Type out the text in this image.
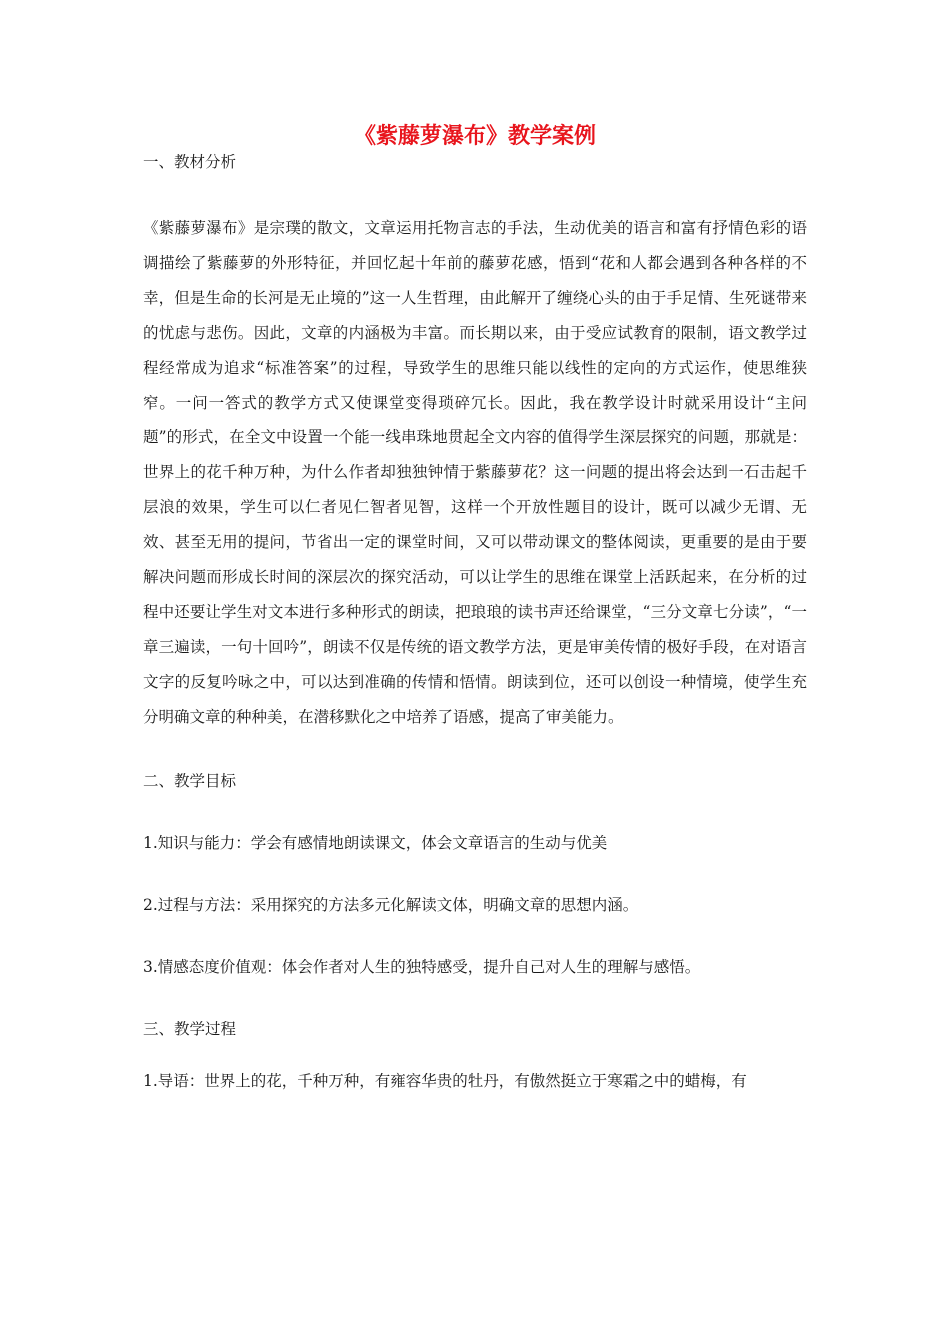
《紫藤萝瀑布》教学案例
一、教材分析
《紫藤萝瀑布》是宗璞的散文，文章运用托物言志的手法，生动优美的语言和富有抒情色彩的语调描绘了紫藤萝的外形特征，并回忆起十年前的藤萝花感，悟到“花和人都会遇到各种各样的不幸，但是生命的长河是无止境的”这一人生哲理，由此解开了缠绕心头的由于手足情、生死谜带来的忧虑与悲伤。因此，文章的内涵极为丰富。而长期以来，由于受应试教育的限制，语文教学过程经常成为追求“标准答案”的过程，导致学生的思维只能以线性的定向的方式运作，使思维狭窄。一问一答式的教学方式又使课堂变得琐碎冗长。因此，我在教学设计时就采用设计“主问题”的形式，在全文中设置一个能一线串珠地贯起全文内容的值得学生深层探究的问题，那就是：世界上的花千种万种，为什么作者却独独钟情于紫藤萝花？这一问题的提出将会达到一石击起千层浪的效果，学生可以仁者见仁智者见智，这样一个开放性题目的设计，既可以减少无谓、无效、甚至无用的提问，节省出一定的课堂时间，又可以带动课文的整体阅读，更重要的是由于要解决问题而形成长时间的深层次的探究活动，可以让学生的思维在课堂上活跃起来，在分析的过程中还要让学生对文本进行多种形式的朗读，把琅琅的读书声还给课堂，“三分文章七分读”，“一章三遍读，一句十回吟”，朗读不仅是传统的语文教学方法，更是审美传情的极好手段，在对语言文字的反复吟咏之中，可以达到准确的传情和悟情。朗读到位，还可以创设一种情境，使学生充分明确文章的种种美，在潜移默化之中培养了语感，提高了审美能力。
二、教学目标
1.知识与能力：学会有感情地朗读课文，体会文章语言的生动与优美
2.过程与方法：采用探究的方法多元化解读文体，明确文章的思想内涵。
3.情感态度价值观：体会作者对人生的独特感受，提升自己对人生的理解与感悟。
三、教学过程
1.导语：世界上的花，千种万种，有雍容华贵的牡丹，有傲然挺立于寒霜之中的蜡梅，有
